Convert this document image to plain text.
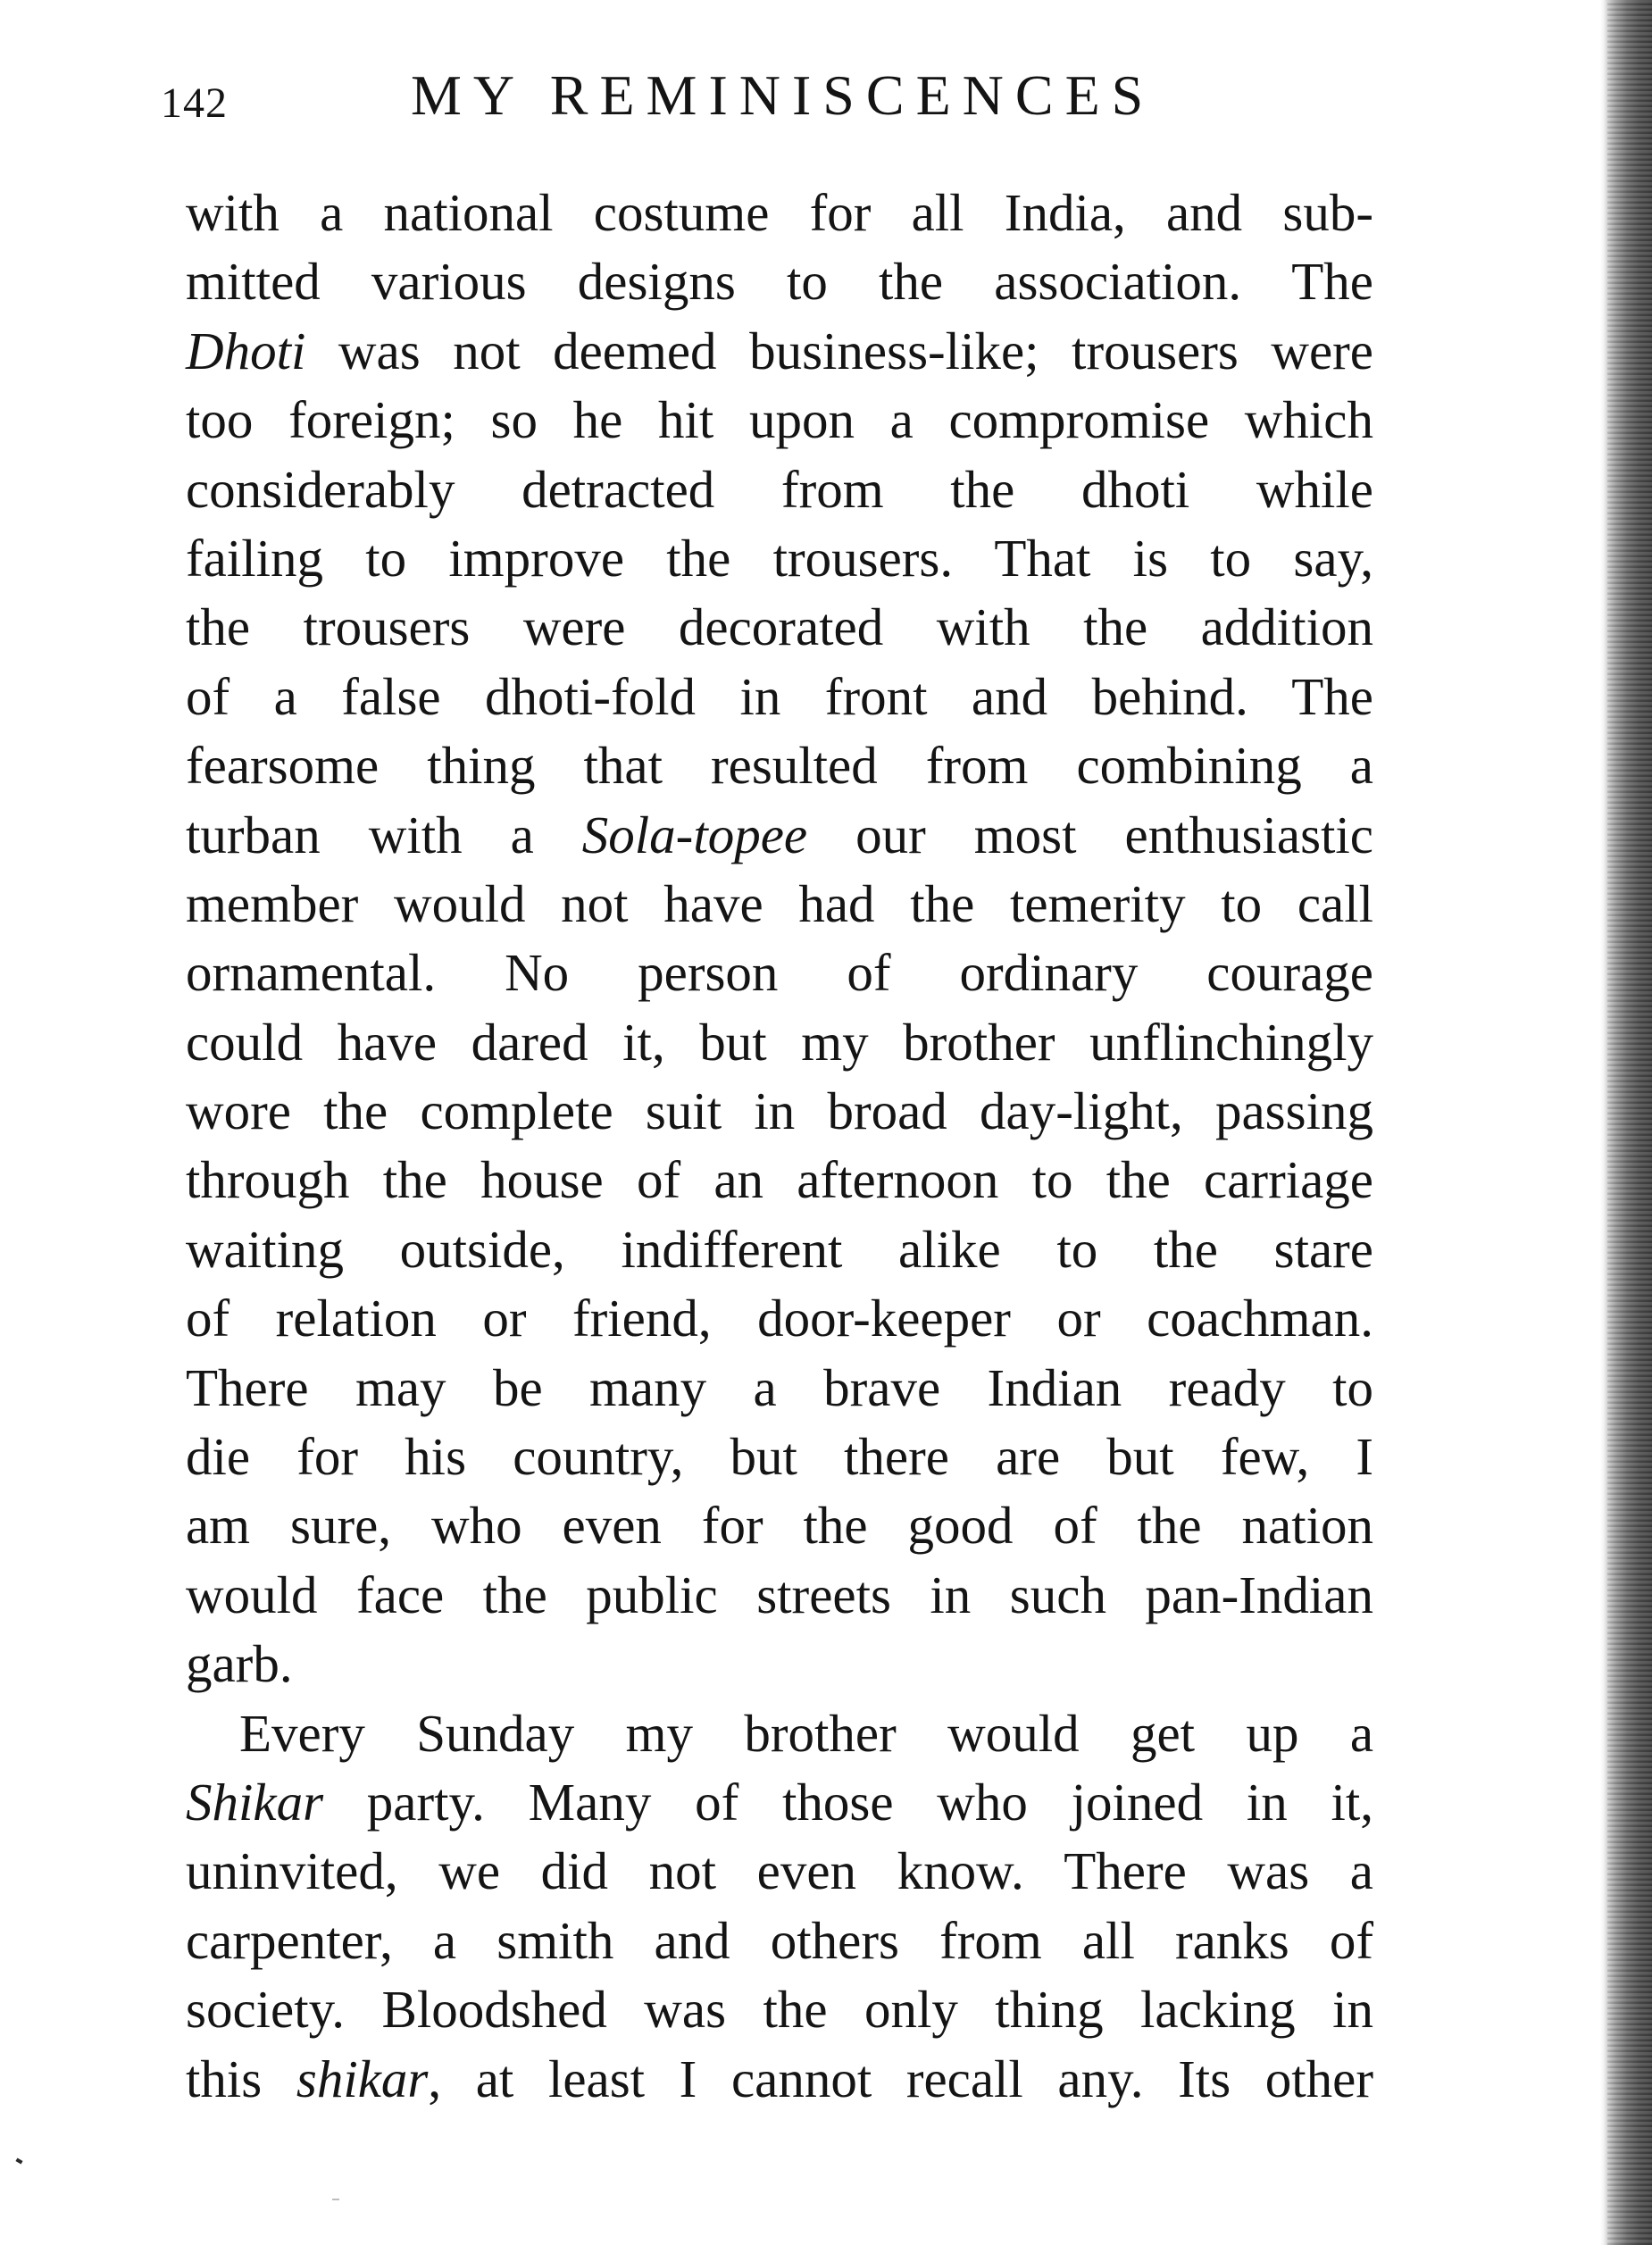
142	MY REMINISCENCES
with a national costume for all India, and sub-
mitted various designs to the association. The
Dhoti was not deemed business-like; trousers were
too foreign; so he hit upon a compromise which
considerably detracted from the dhoti while
failing to improve the trousers. That is to say,
the trousers were decorated with the addition
of a false dhoti-fold in front and behind. The
fearsome thing that resulted from combining a
turban with a Sola-topee our most enthusiastic
member would not have had the temerity to call
ornamental. No person of ordinary courage
could have dared it, but my brother unflinchingly
wore the complete suit in broad day-light, passing
through the house of an afternoon to the carriage
waiting outside, indifferent alike to the stare
of relation or friend, door-keeper or coachman.
There may be many a brave Indian ready to
die for his country, but there are but few, I
am sure, who even for the good of the nation
would face the public streets in such pan-Indian
garb.
Every Sunday my brother would get up a
Shikar party. Many of those who joined in it,
uninvited, we did not even know. There was a
carpenter, a smith and others from all ranks of
society. Bloodshed was the only thing lacking in
this shikar, at least I cannot recall any. Its other
